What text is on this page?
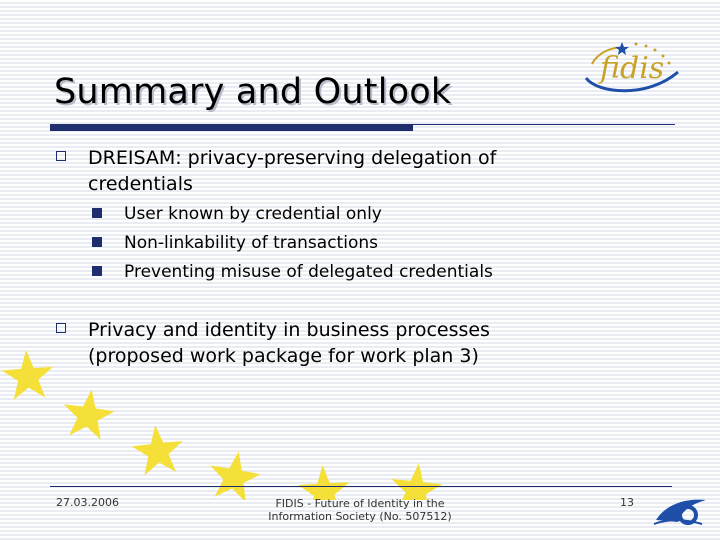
fidis
Summary and Outlook
DREISAM: privacy-preserving delegation of
credentials
User known by credential only
Non-linkability of transactions
Preventing misuse of delegated credentials
Privacy and identity in business processes
(proposed work package for work plan 3)
27.03.2006	FIDIS - Future of Identity in the
Information Society (No. 507512)
13
